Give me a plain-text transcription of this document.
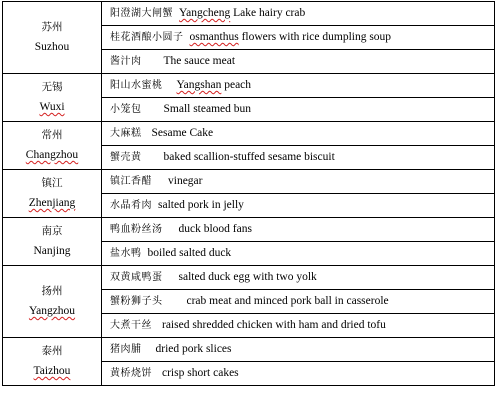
苏州
Suzhou	阳澄湖大闸蟹 Yangcheng Lake hairy crab
	桂花酒酿小圆子 osmanthus flowers with rice dumpling soup
	酱汁肉 The sauce meat

无锡
Wuxi	阳山水蜜桃 Yangshan peach
	小笼包 Small steamed bun

常州
Changzhou	大麻糕 Sesame Cake
	蟹壳黄 baked scallion-stuffed sesame biscuit

镇江
Zhenjiang	镇江香醋 vinegar
	水晶肴肉 salted pork in jelly

南京
Nanjing	鸭血粉丝汤 duck blood fans
	盐水鸭 boiled salted duck

扬州
Yangzhou	双黄咸鸭蛋 salted duck egg with two yolk
	蟹粉狮子头 crab meat and minced pork ball in casserole
	大煮干丝 raised shredded chicken with ham and dried tofu

泰州
Taizhou	猪肉脯 dried pork slices
	黄桥烧饼 crisp short cakes
